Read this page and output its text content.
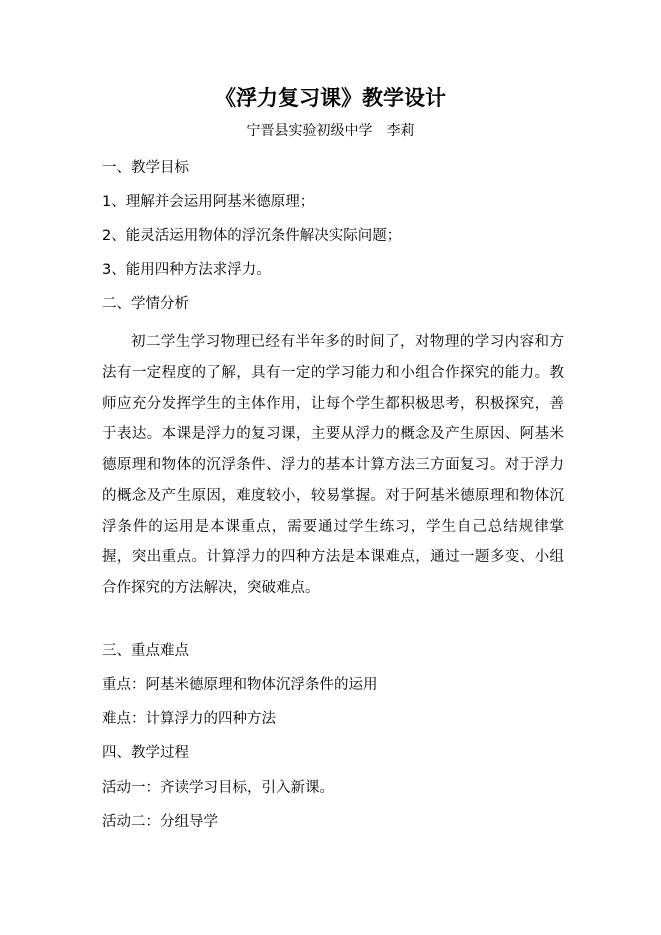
《浮力复习课》教学设计
宁晋县实验初级中学　李莉
一、教学目标
1、理解并会运用阿基米德原理；
2、能灵活运用物体的浮沉条件解决实际问题；
3、能用四种方法求浮力。
二、学情分析

初二学生学习物理已经有半年多的时间了，对物理的学习内容和方法有一定程度的了解，具有一定的学习能力和小组合作探究的能力。教师应充分发挥学生的主体作用，让每个学生都积极思考，积极探究，善于表达。本课是浮力的复习课，主要从浮力的概念及产生原因、阿基米德原理和物体的沉浮条件、浮力的基本计算方法三方面复习。对于浮力的概念及产生原因，难度较小，较易掌握。对于阿基米德原理和物体沉浮条件的运用是本课重点，需要通过学生练习，学生自己总结规律掌握，突出重点。计算浮力的四种方法是本课难点，通过一题多变、小组合作探究的方法解决，突破难点。

三、重点难点
重点：阿基米德原理和物体沉浮条件的运用
难点：计算浮力的四种方法
四、教学过程
活动一：齐读学习目标，引入新课。
活动二：分组导学
